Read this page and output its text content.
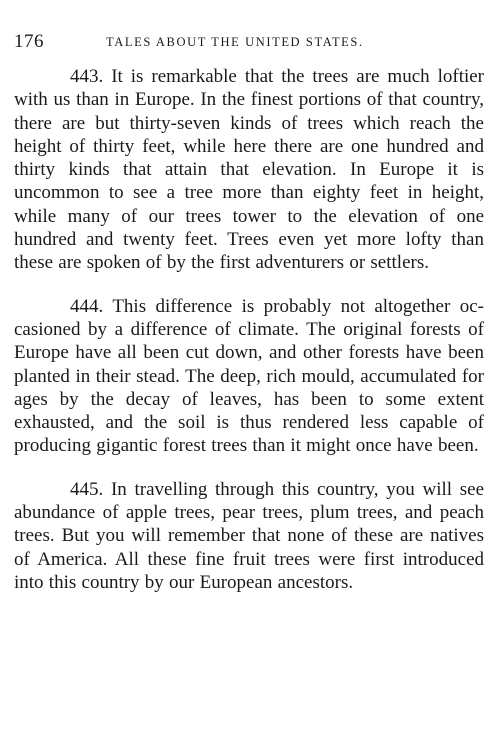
176	TALES ABOUT THE UNITED STATES.

443. It is remarkable that the trees are much loftier with us than in Europe. In the finest portions of that country, there are but thirty-seven kinds of trees which reach the height of thirty feet, while here there are one hundred and thirty kinds that attain that elevation. In Europe it is uncommon to see a tree more than eighty feet in height, while many of our trees tower to the elevation of one hundred and twenty feet. Trees even yet more lofty than these are spoken of by the first adventurers or settlers.

444. This difference is probably not altogether occasioned by a difference of climate. The original forests of Europe have all been cut down, and other forests have been planted in their stead. The deep, rich mould, accumulated for ages by the decay of leaves, has been to some extent exhausted, and the soil is thus rendered less capable of producing gigantic forest trees than it might once have been.

445. In travelling through this country, you will see abundance of apple trees, pear trees, plum trees, and peach trees. But you will remember that none of these are natives of America. All these fine fruit trees were first introduced into this country by our European ancestors.
